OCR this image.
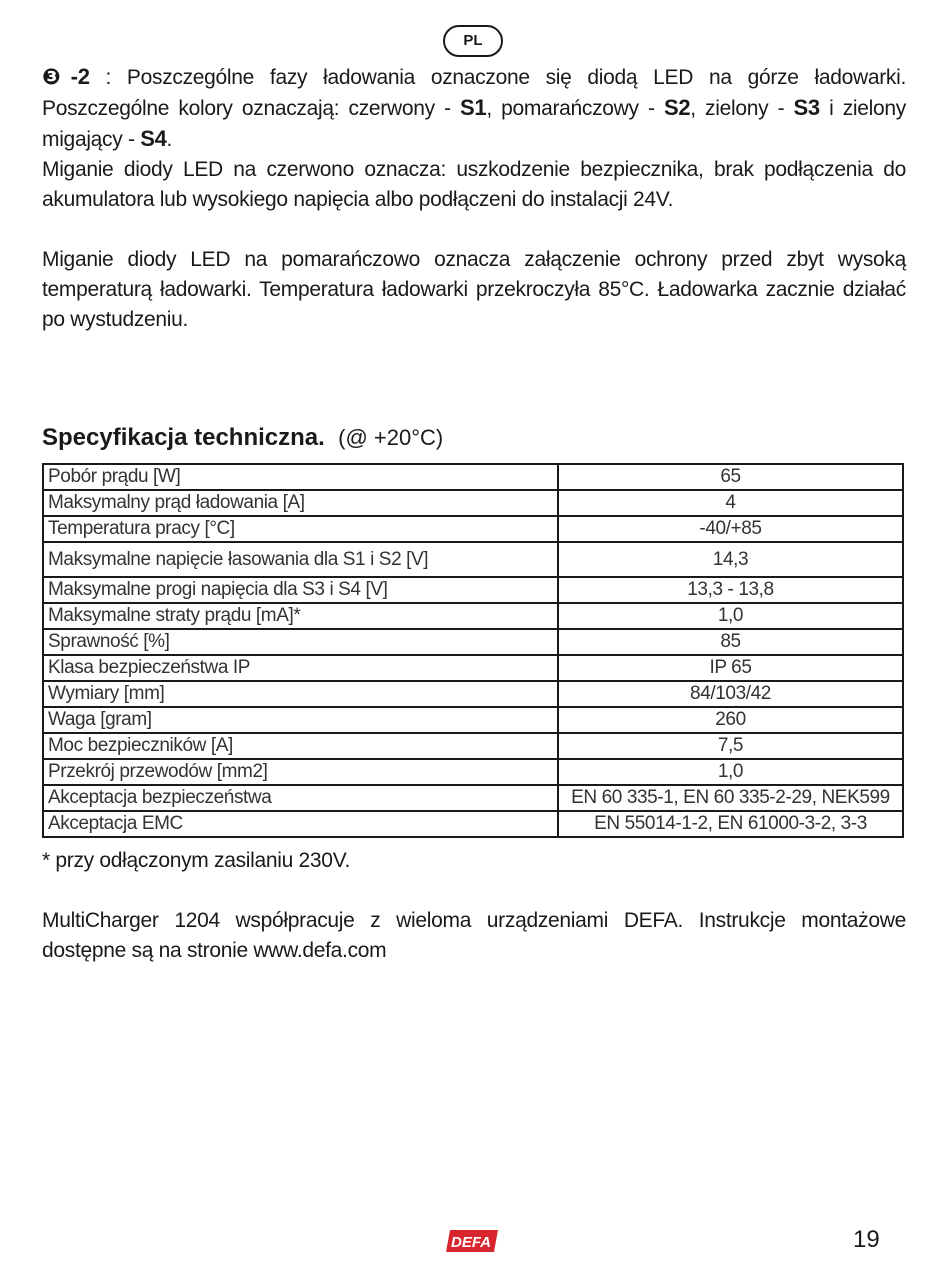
PL

❸-2 : Poszczególne fazy ładowania oznaczone się diodą LED na górze ładowarki. Poszczególne kolory oznaczają: czerwony - S1, pomarańczowy - S2, zielony - S3 i zielony migający - S4.

Miganie diody LED na czerwono oznacza: uszkodzenie bezpiecznika, brak podłączenia do akumulatora lub wysokiego napięcia albo podłączeni do instalacji 24V.

Miganie diody LED na pomarańczowo oznacza załączenie ochrony przed zbyt wysoką temperaturą ładowarki. Temperatura ładowarki przekroczyła 85°C. Ładowarka zacznie działać po wystudzeniu.

Specyfikacja techniczna. (@ +20°C)

Pobór prądu [W]	65
Maksymalny prąd ładowania [A]	4
Temperatura pracy [°C]	-40/+85
Maksymalne napięcie łasowania dla S1 i S2 [V]	14,3
Maksymalne progi napięcia dla S3 i S4 [V]	13,3 - 13,8
Maksymalne straty prądu [mA]*	1,0
Sprawność [%]	85
Klasa bezpieczeństwa IP	IP 65
Wymiary [mm]	84/103/42
Waga [gram]	260
Moc bezpieczników [A]	7,5
Przekrój przewodów [mm2]	1,0
Akceptacja bezpieczeństwa	EN 60 335-1, EN 60 335-2-29, NEK599
Akceptacja EMC	EN 55014-1-2, EN 61000-3-2, 3-3

* przy odłączonym zasilaniu 230V.

MultiCharger 1204 współpracuje z wieloma urządzeniami DEFA. Instrukcje montażowe dostępne są na stronie www.defa.com

DEFA	19
